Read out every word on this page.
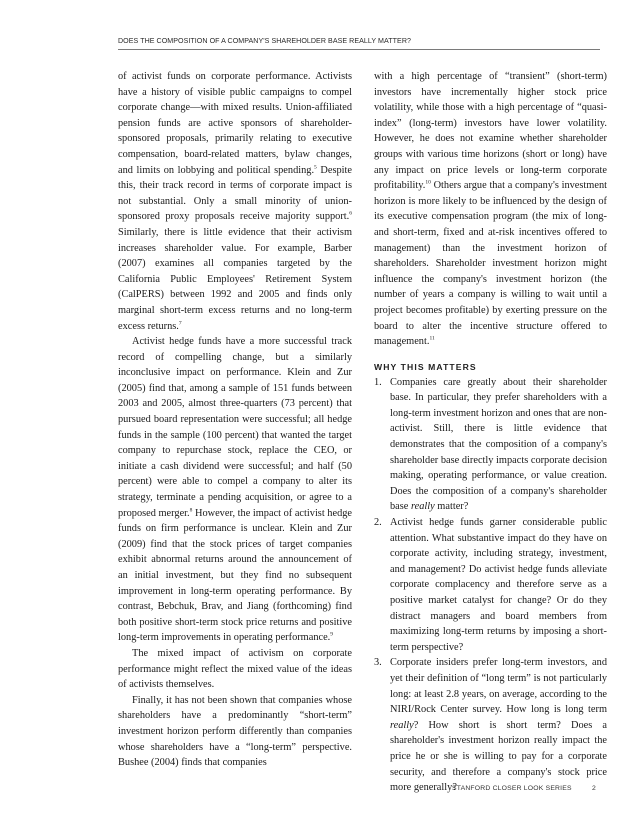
DOES THE COMPOSITION OF A COMPANY'S SHAREHOLDER BASE REALLY MATTER?

of activist funds on corporate performance. Activists have a history of visible public campaigns to compel corporate change—with mixed results. Union-affiliated pension funds are active sponsors of shareholder-sponsored proposals, primarily relating to executive compensation, board-related matters, bylaw changes, and limits on lobbying and political spending.$^5$ Despite this, their track record in terms of corporate impact is not substantial. Only a small minority of union-sponsored proxy proposals receive majority support.$^6$ Similarly, there is little evidence that their activism increases shareholder value. For example, Barber (2007) examines all companies targeted by the California Public Employees' Retirement System (CalPERS) between 1992 and 2005 and finds only marginal short-term excess returns and no long-term excess returns.$^7$

Activist hedge funds have a more successful track record of compelling change, but a similarly inconclusive impact on performance. Klein and Zur (2005) find that, among a sample of 151 funds between 2003 and 2005, almost three-quarters (73 percent) that pursued board representation were successful; all hedge funds in the sample (100 percent) that wanted the target company to repurchase stock, replace the CEO, or initiate a cash dividend were successful; and half (50 percent) were able to compel a company to alter its strategy, terminate a pending acquisition, or agree to a proposed merger.$^8$ However, the impact of activist hedge funds on firm performance is unclear. Klein and Zur (2009) find that the stock prices of target companies exhibit abnormal returns around the announcement of an initial investment, but they find no subsequent improvement in long-term operating performance. By contrast, Bebchuk, Brav, and Jiang (forthcoming) find both positive short-term stock price returns and positive long-term improvements in operating performance.$^9$

The mixed impact of activism on corporate performance might reflect the mixed value of the ideas of activists themselves.

Finally, it has not been shown that companies whose shareholders have a predominantly “short-term” investment horizon perform differently than companies whose shareholders have a “long-term” perspective. Bushee (2004) finds that companies

with a high percentage of “transient” (short-term) investors have incrementally higher stock price volatility, while those with a high percentage of “quasi-index” (long-term) investors have lower volatility. However, he does not examine whether shareholder groups with various time horizons (short or long) have any impact on price levels or long-term corporate profitability.$^{10}$ Others argue that a company's investment horizon is more likely to be influenced by the design of its executive compensation program (the mix of long- and short-term, fixed and at-risk incentives offered to management) than the investment horizon of shareholders. Shareholder investment horizon might influence the company's investment horizon (the number of years a company is willing to wait until a project becomes profitable) by exerting pressure on the board to alter the incentive structure offered to management.$^{11}$

WHY THIS MATTERS
1. Companies care greatly about their shareholder base. In particular, they prefer shareholders with a long-term investment horizon and ones that are non-activist. Still, there is little evidence that demonstrates that the composition of a company's shareholder base directly impacts corporate decision making, operating performance, or value creation. Does the composition of a company's shareholder base really matter?
2. Activist hedge funds garner considerable public attention. What substantive impact do they have on corporate activity, including strategy, investment, and management? Do activist hedge funds alleviate corporate complacency and therefore serve as a positive market catalyst for change? Or do they distract managers and board members from maximizing long-term returns by imposing a short-term perspective?
3. Corporate insiders prefer long-term investors, and yet their definition of “long term” is not particularly long: at least 2.8 years, on average, according to the NIRI/Rock Center survey. How long is long term really? How short is short term? Does a shareholder's investment horizon really impact the price he or she is willing to pay for a corporate security, and therefore a company's stock price more generally?
STANFORD CLOSER LOOK SERIES	2
